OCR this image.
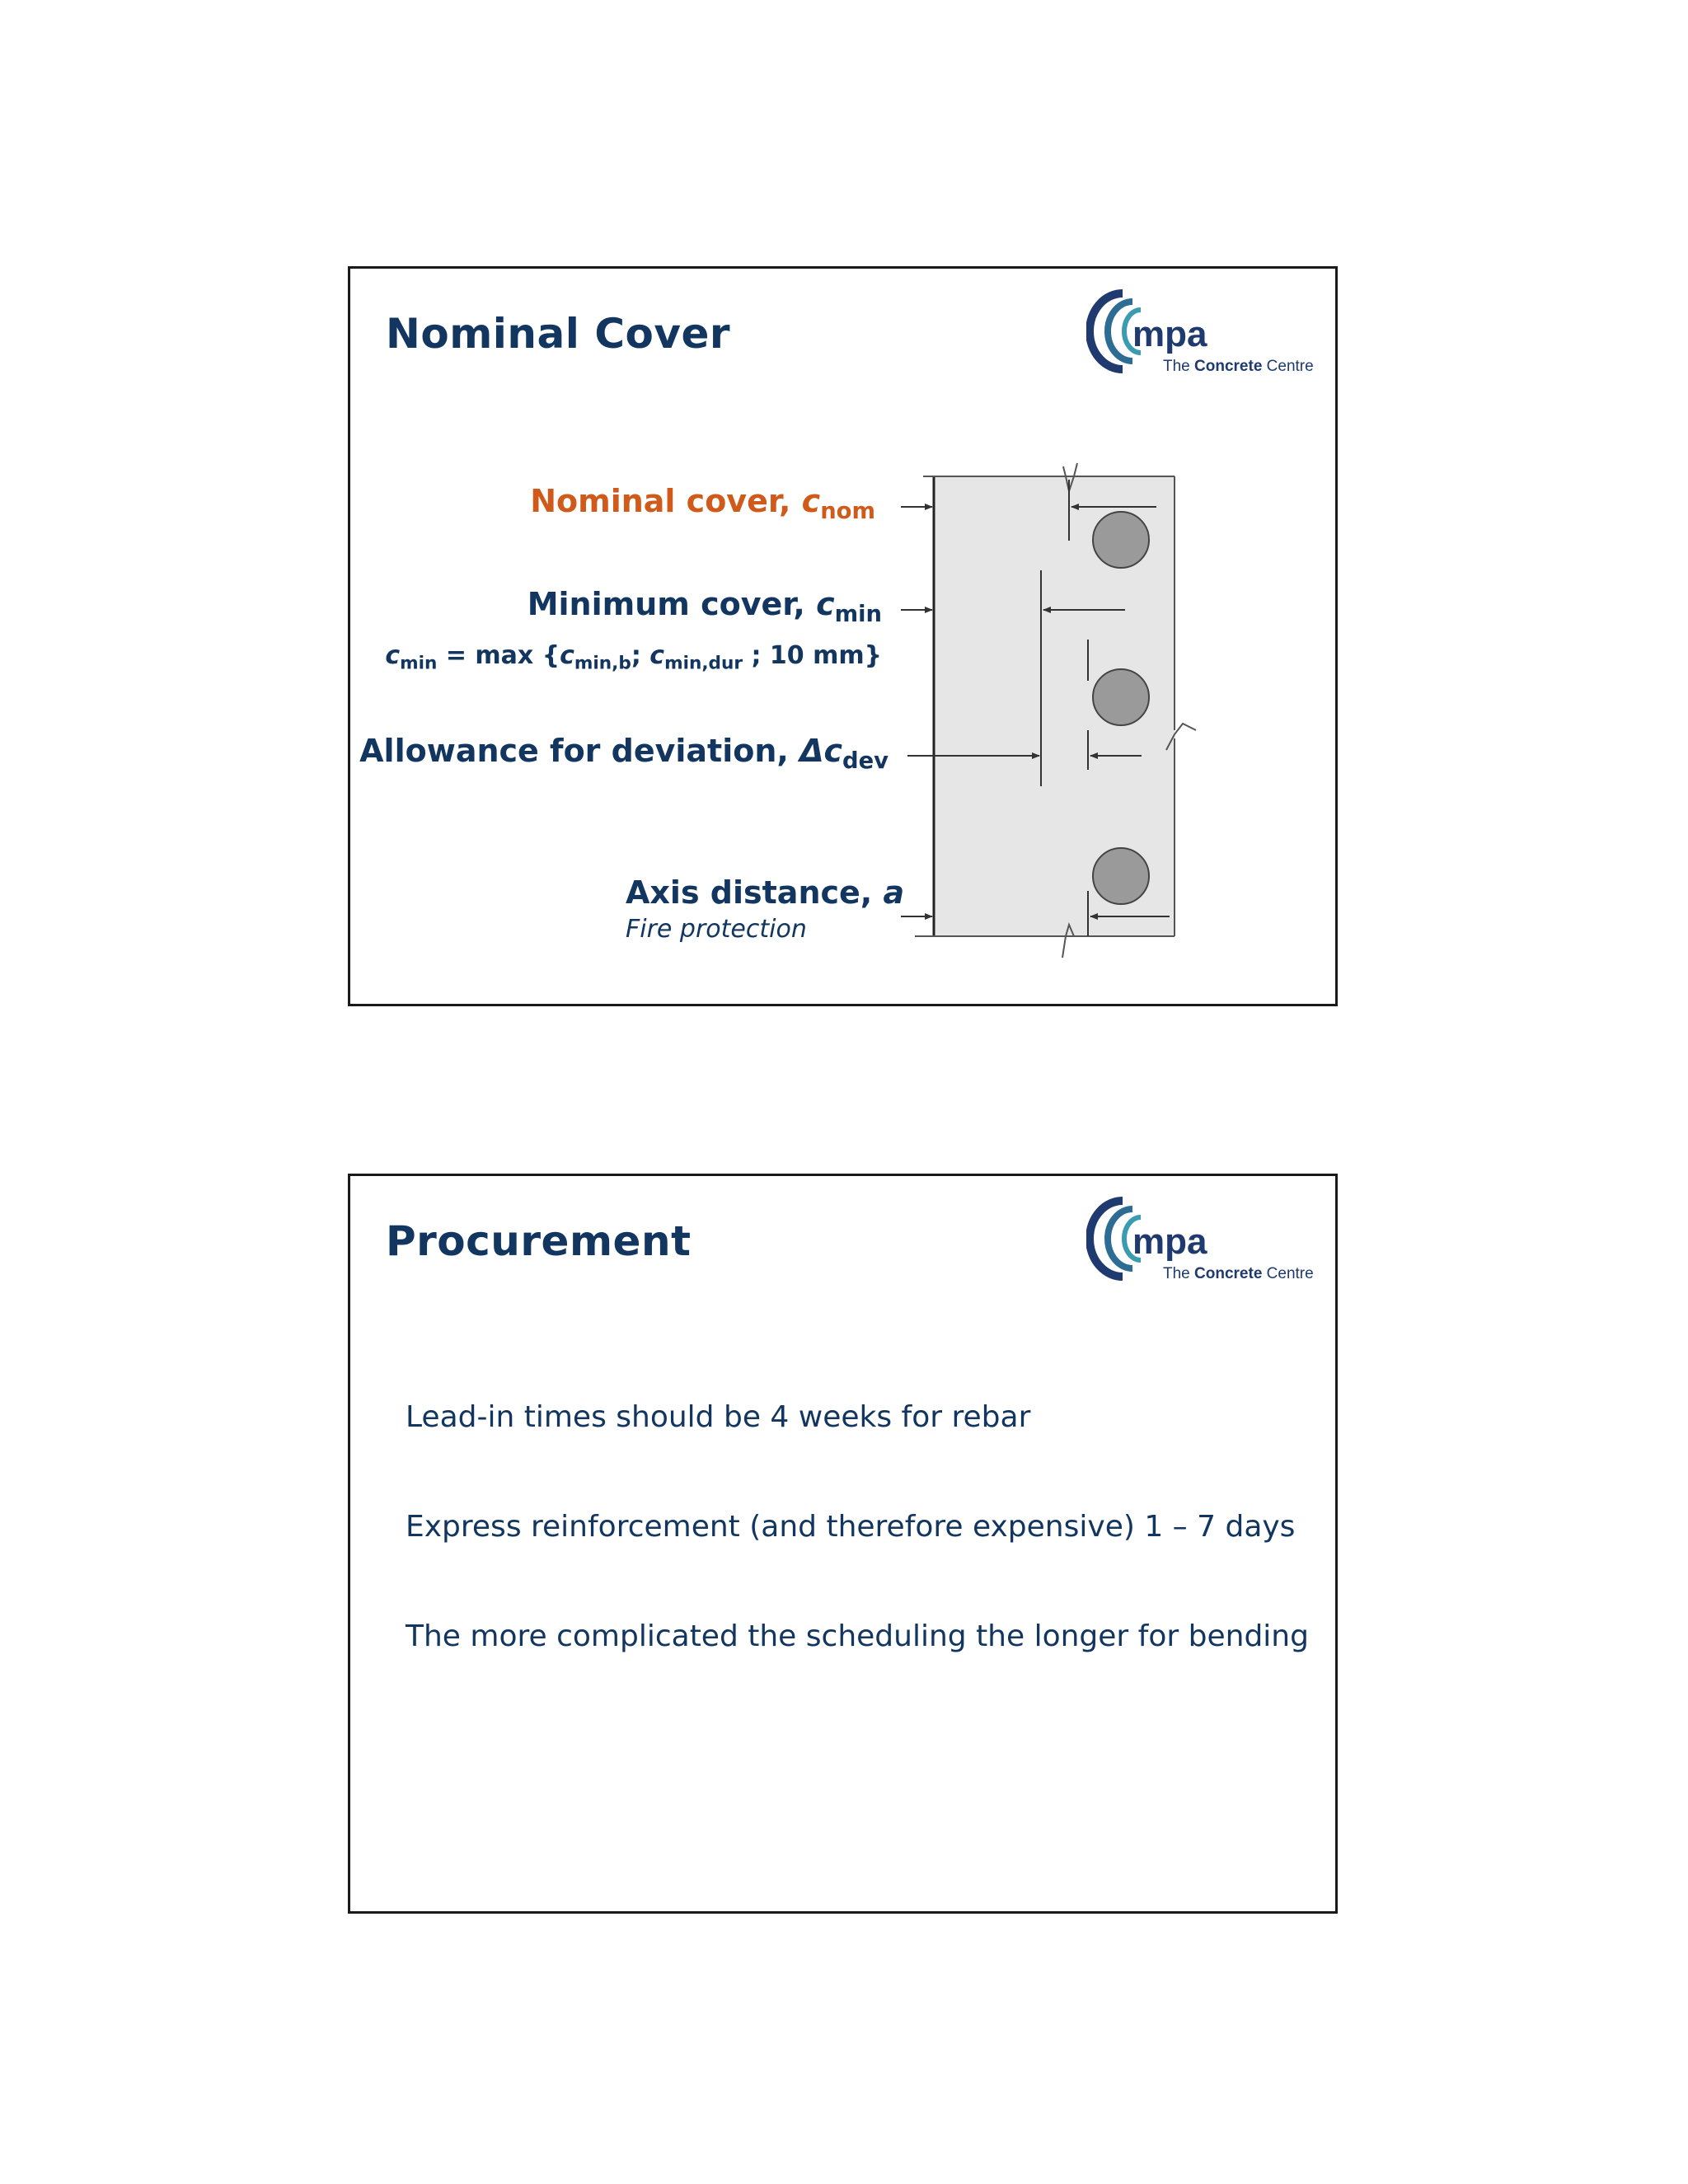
Nominal Cover	mpa
The Concrete Centre
Nominal cover, $c_{nom}$
Minimum cover, $c_{min}$
$c_{min} = \max \{c_{min,b}$; $c_{min,dur}$ ; 10 mm}
Allowance for deviation, $\Delta c_{dev}$
Axis distance, a
Fire protection
Procurement	mpa
The Concrete Centre

Lead-in times should be 4 weeks for rebar

Express reinforcement (and therefore expensive) 1 – 7 days

The more complicated the scheduling the longer for bending
